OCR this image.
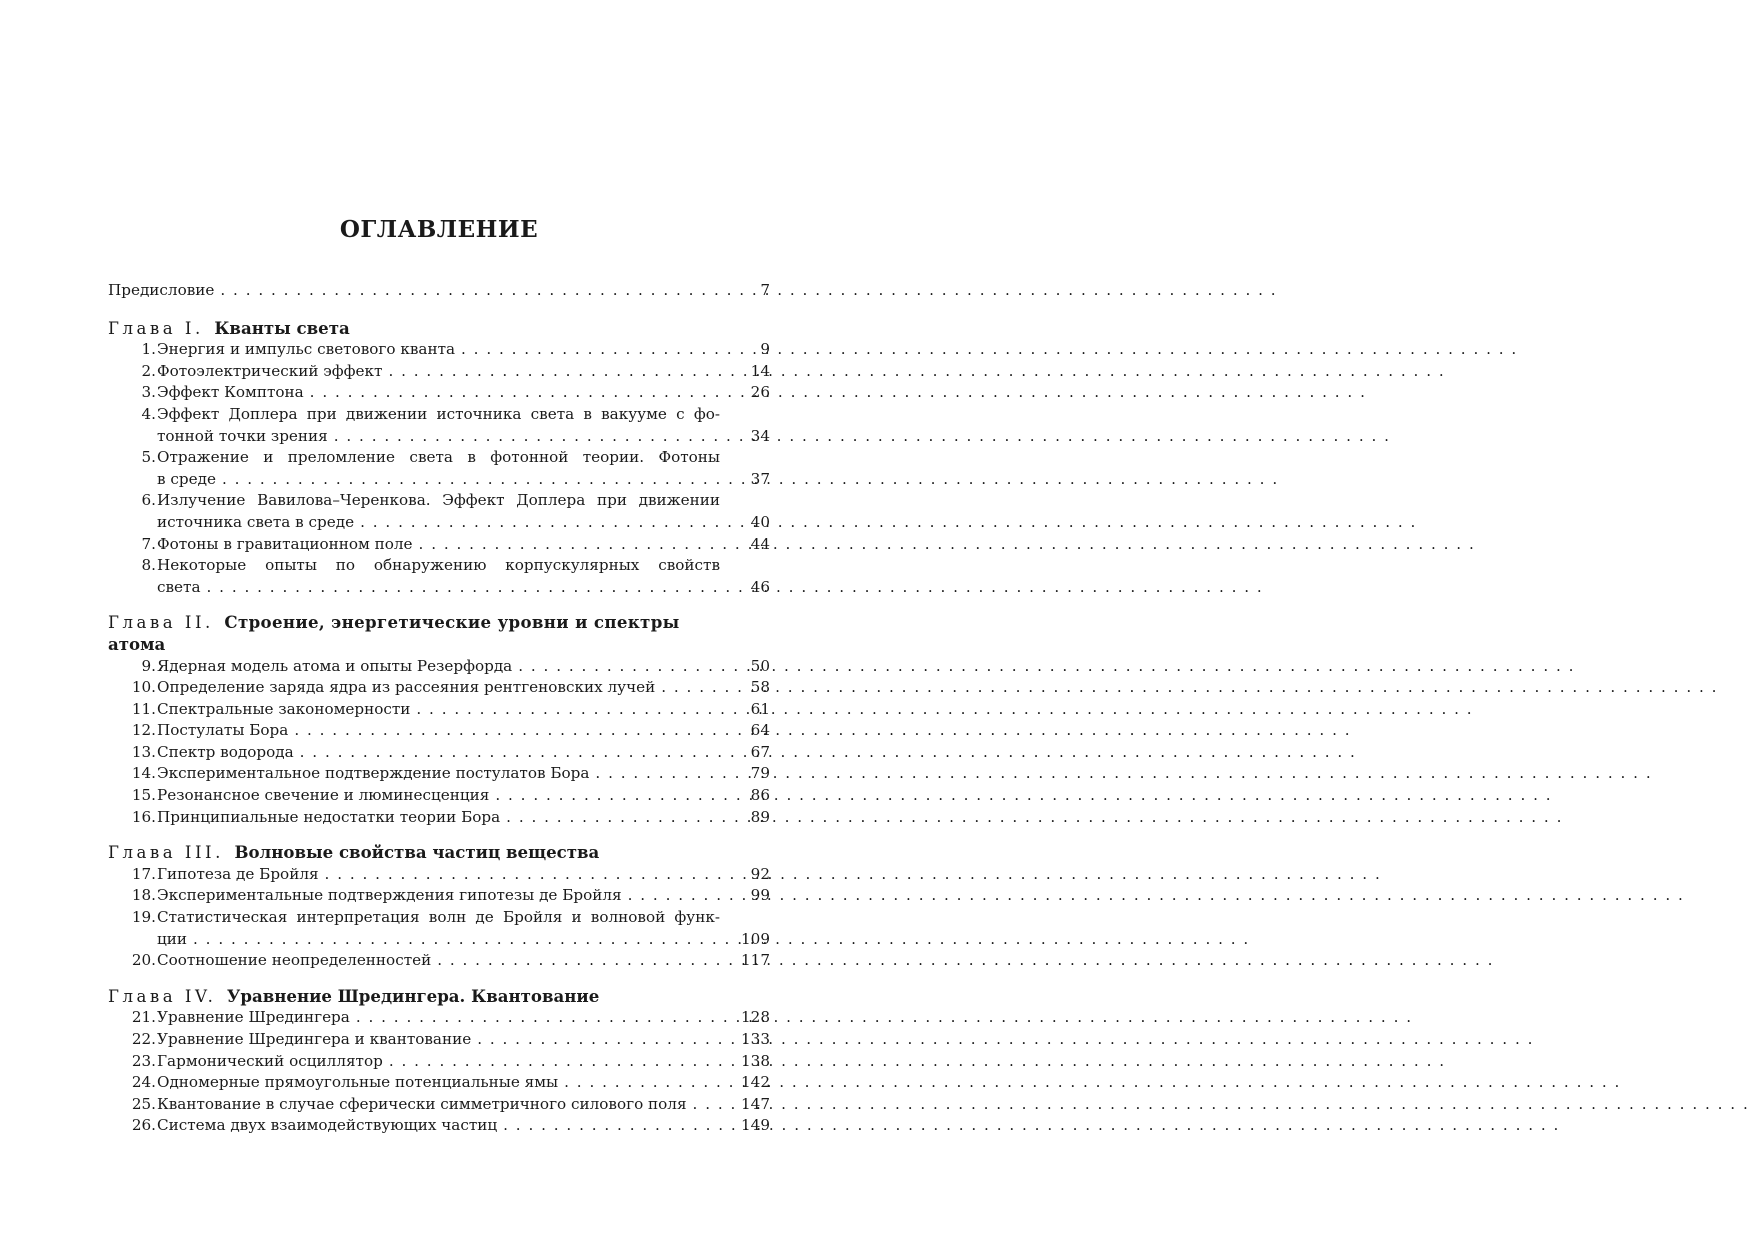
ОГЛАВЛЕНИЕ
Предисловие . . .	7
Глава I. Кванты света
1. Энергия и импульс светового кванта . . .	9
2. Фотоэлектрический эффект . . .	14
3. Эффект Комптона . . .	26
4. Эффект Доплера при движении источника света в вакууме с фо-
тонной точки зрения . . .	34
5. Отражение и преломление света в фотонной теории. Фотоны
в среде . . .	37
6. Излучение Вавилова–Черенкова. Эффект Доплера при движении
источника света в среде . . .	40
7. Фотоны в гравитационном поле . . .	44
8. Некоторые опыты по обнаружению корпускулярных свойств
света . . .	46
Глава II. Строение, энергетические уровни и спектры
атома
9. Ядерная модель атома и опыты Резерфорда . . .	50
10. Определение заряда ядра из рассеяния рентгеновских лучей . . .	58
11. Спектральные закономерности . . .	61
12. Постулаты Бора . . .	64
13. Спектр водорода . . .	67
14. Экспериментальное подтверждение постулатов Бора . . .	79
15. Резонансное свечение и люминесценция . . .	86
16. Принципиальные недостатки теории Бора . . .	89
Глава III. Волновые свойства частиц вещества
17. Гипотеза де Бройля . . .	92
18. Экспериментальные подтверждения гипотезы де Бройля . . .	99
19. Статистическая интерпретация волн де Бройля и волновой функ-
ции . . .	109
20. Соотношение неопределенностей . . .	117
Глава IV. Уравнение Шредингера. Квантование
21. Уравнение Шредингера . . .	128
22. Уравнение Шредингера и квантование . . .	133
23. Гармонический осциллятор . . .	138
24. Одномерные прямоугольные потенциальные ямы . . .	142
25. Квантование в случае сферически симметричного силового поля . . .	147
26. Система двух взаимодействующих частиц . . .	149
